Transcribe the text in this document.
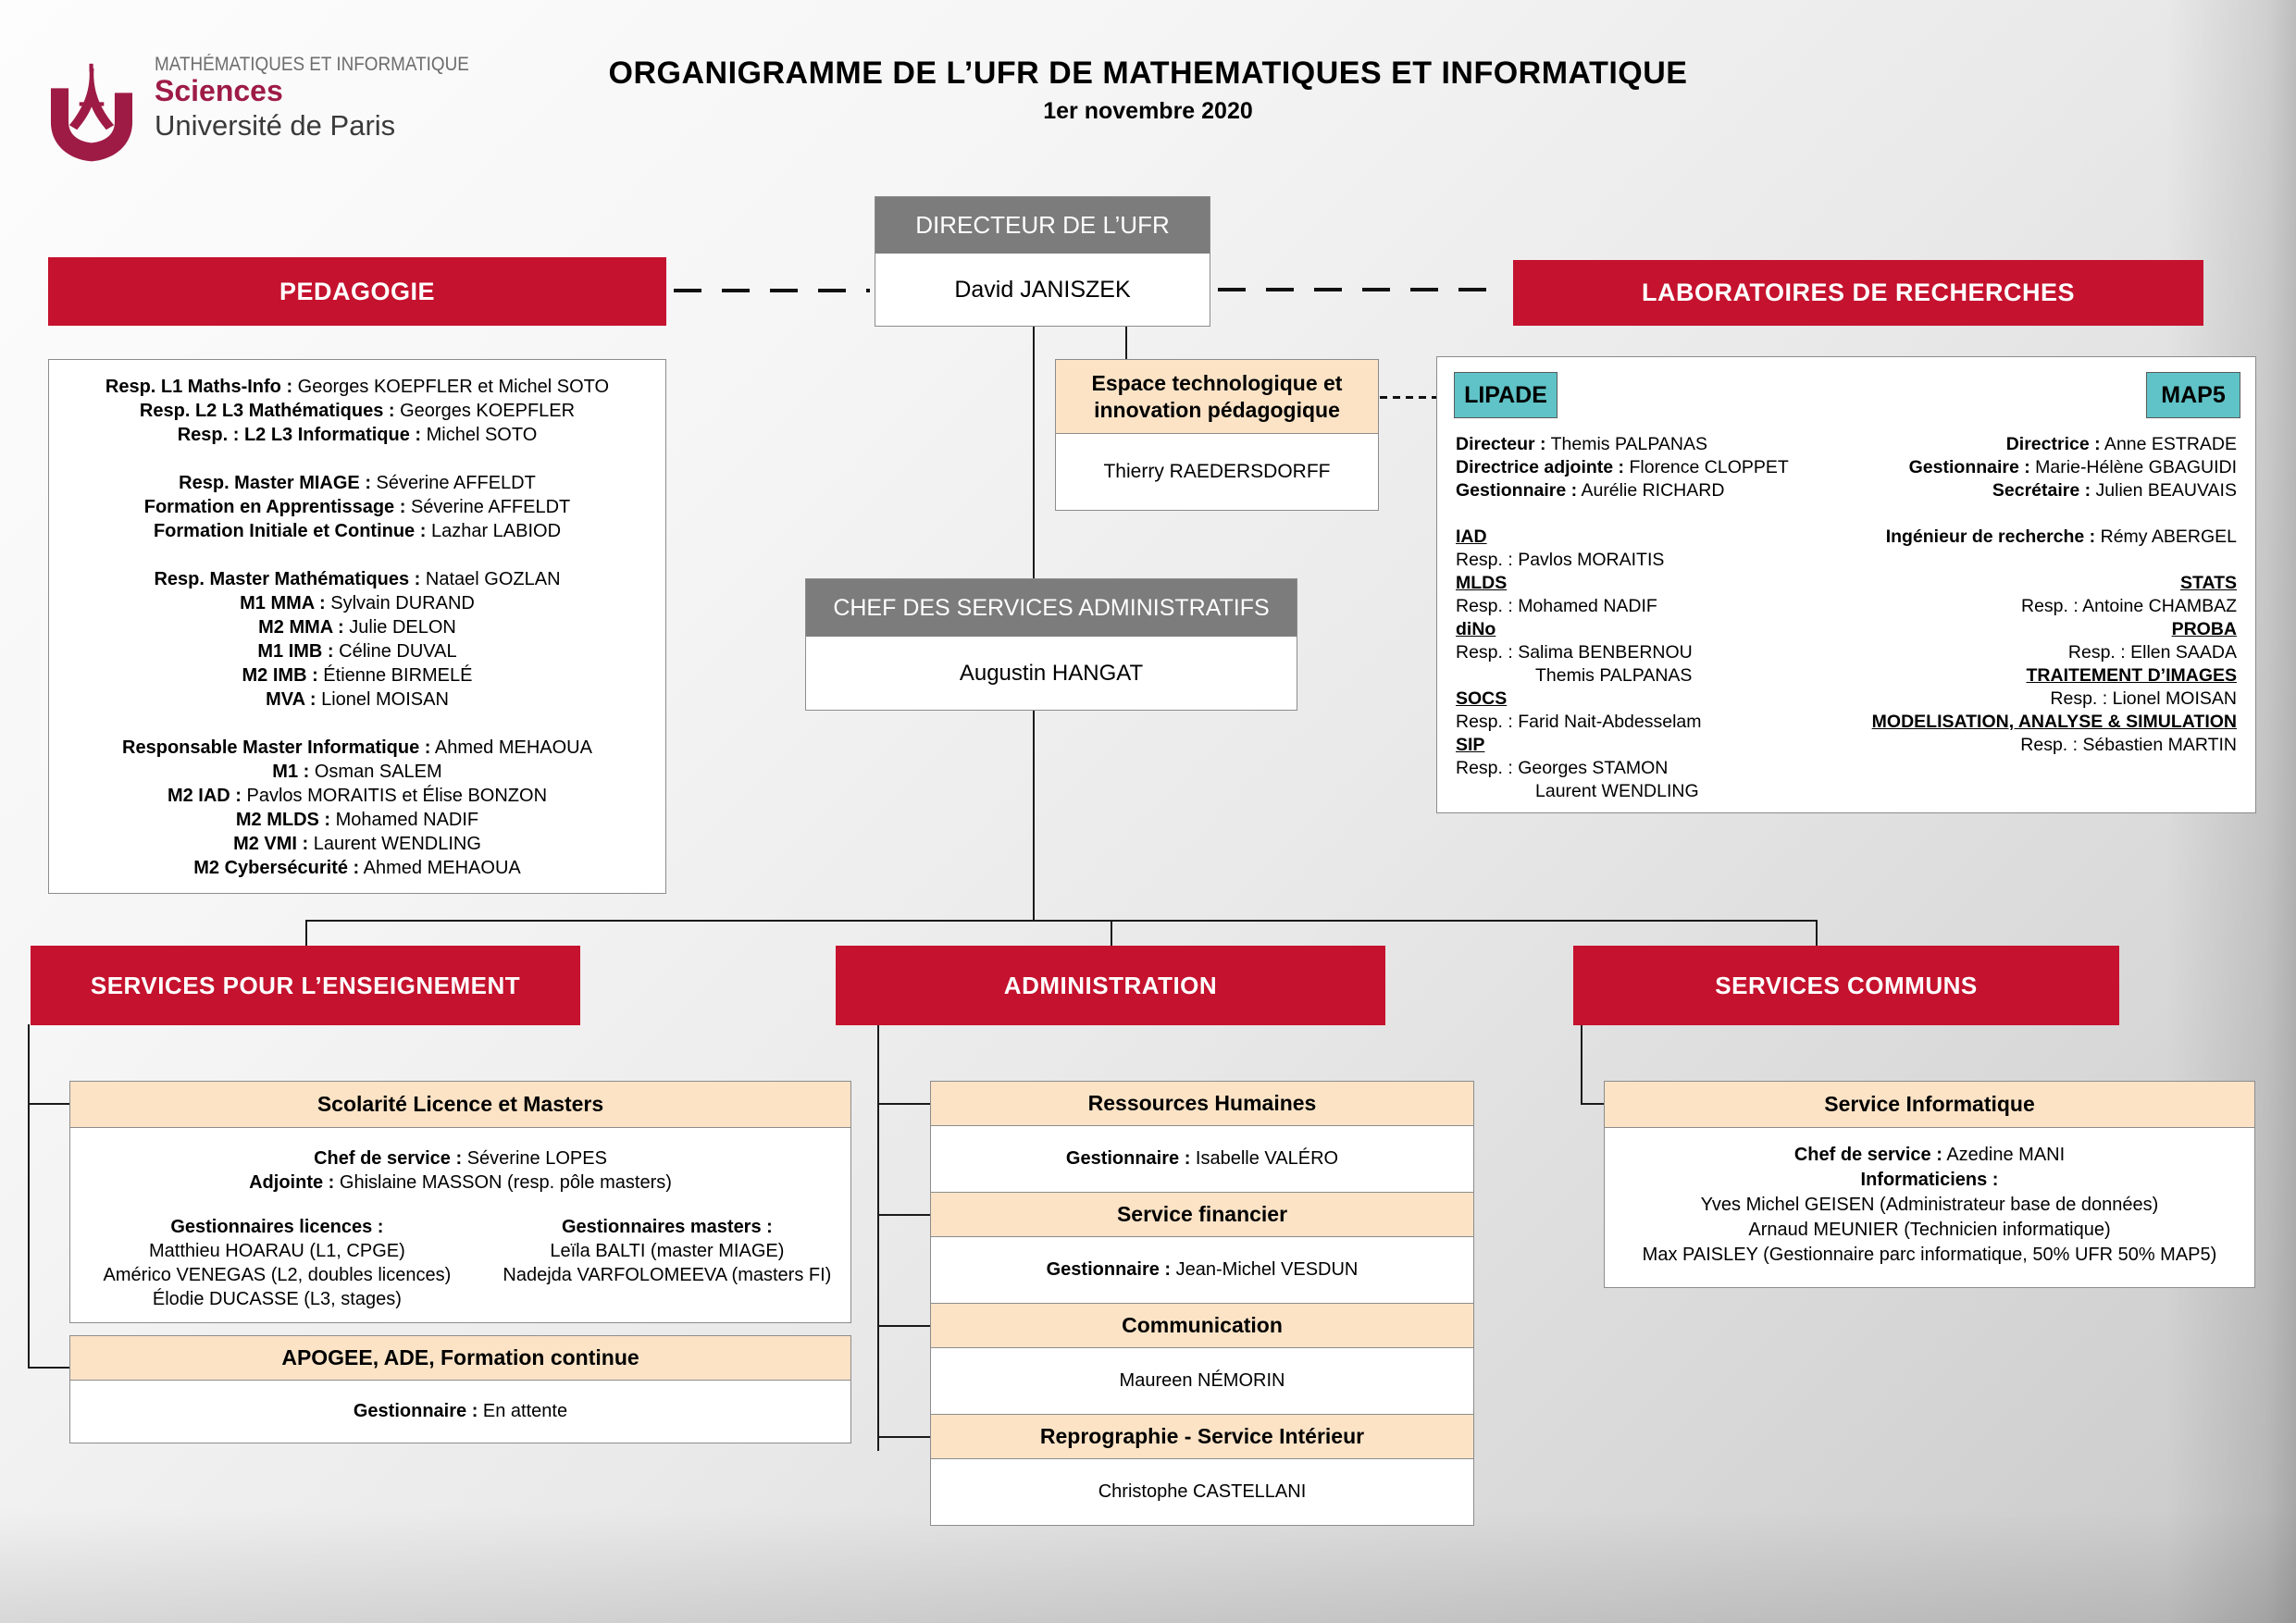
MATHÉMATIQUES ET INFORMATIQUE
Sciences
Université de Paris
ORGANIGRAMME DE L’UFR DE MATHEMATIQUES ET INFORMATIQUE
1er novembre 2020
PEDAGOGIE	LABORATOIRES DE RECHERCHES
DIRECTEUR DE L’UFR
David JANISZEK
Resp. L1 Maths-Info : Georges KOEPFLER et Michel SOTO
Resp. L2 L3 Mathématiques : Georges KOEPFLER
Resp. : L2 L3 Informatique : Michel SOTO

Resp. Master MIAGE : Séverine AFFELDT
Formation en Apprentissage : Séverine AFFELDT
Formation Initiale et Continue : Lazhar LABIOD

Resp. Master Mathématiques : Natael GOZLAN
M1 MMA : Sylvain DURAND
M2 MMA : Julie DELON
M1 IMB : Céline DUVAL
M2 IMB : Étienne BIRMELÉ
MVA : Lionel MOISAN

Responsable Master Informatique : Ahmed MEHAOUA
M1 : Osman SALEM
M2 IAD : Pavlos MORAITIS et Élise BONZON
M2 MLDS : Mohamed NADIF
M2 VMI : Laurent WENDLING
M2 Cybersécurité : Ahmed MEHAOUA
Espace technologique et innovation pédagogique
Thierry RAEDERSDORFF
LIPADE	MAP5
Directeur : Themis PALPANAS
Directrice adjointe : Florence CLOPPET
Gestionnaire : Aurélie RICHARD

IAD
Resp. : Pavlos MORAITIS
MLDS
Resp. : Mohamed NADIF
diNo
Resp. : Salima BENBERNOU
Themis PALPANAS
SOCS
Resp. : Farid Nait-Abdesselam
SIP
Resp. : Georges STAMON
Laurent WENDLING
Directrice : Anne ESTRADE
Gestionnaire : Marie-Hélène GBAGUIDI
Secrétaire : Julien BEAUVAIS

Ingénieur de recherche : Rémy ABERGEL

STATS
Resp. : Antoine CHAMBAZ
PROBA
Resp. : Ellen SAADA
TRAITEMENT D’IMAGES
Resp. : Lionel MOISAN
MODELISATION, ANALYSE & SIMULATION
Resp. : Sébastien MARTIN
CHEF DES SERVICES ADMINISTRATIFS
Augustin HANGAT
SERVICES POUR L’ENSEIGNEMENT	ADMINISTRATION	SERVICES COMMUNS
Scolarité Licence et Masters
Chef de service : Séverine LOPES
Adjointe : Ghislaine MASSON (resp. pôle masters)
Gestionnaires licences :
Matthieu HOARAU (L1, CPGE)
Américo VENEGAS (L2, doubles licences)
Élodie DUCASSE (L3, stages)
Gestionnaires masters :
Leïla BALTI (master MIAGE)
Nadejda VARFOLOMEEVA (masters FI)
APOGEE, ADE, Formation continue
Gestionnaire : En attente
Ressources Humaines
Gestionnaire : Isabelle VALÉRO
Service financier
Gestionnaire : Jean-Michel VESDUN
Communication
Maureen NÉMORIN
Reprographie - Service Intérieur
Christophe CASTELLANI
Service Informatique
Chef de service : Azedine MANI
Informaticiens :
Yves Michel GEISEN (Administrateur base de données)
Arnaud MEUNIER (Technicien informatique)
Max PAISLEY (Gestionnaire parc informatique, 50% UFR 50% MAP5)
